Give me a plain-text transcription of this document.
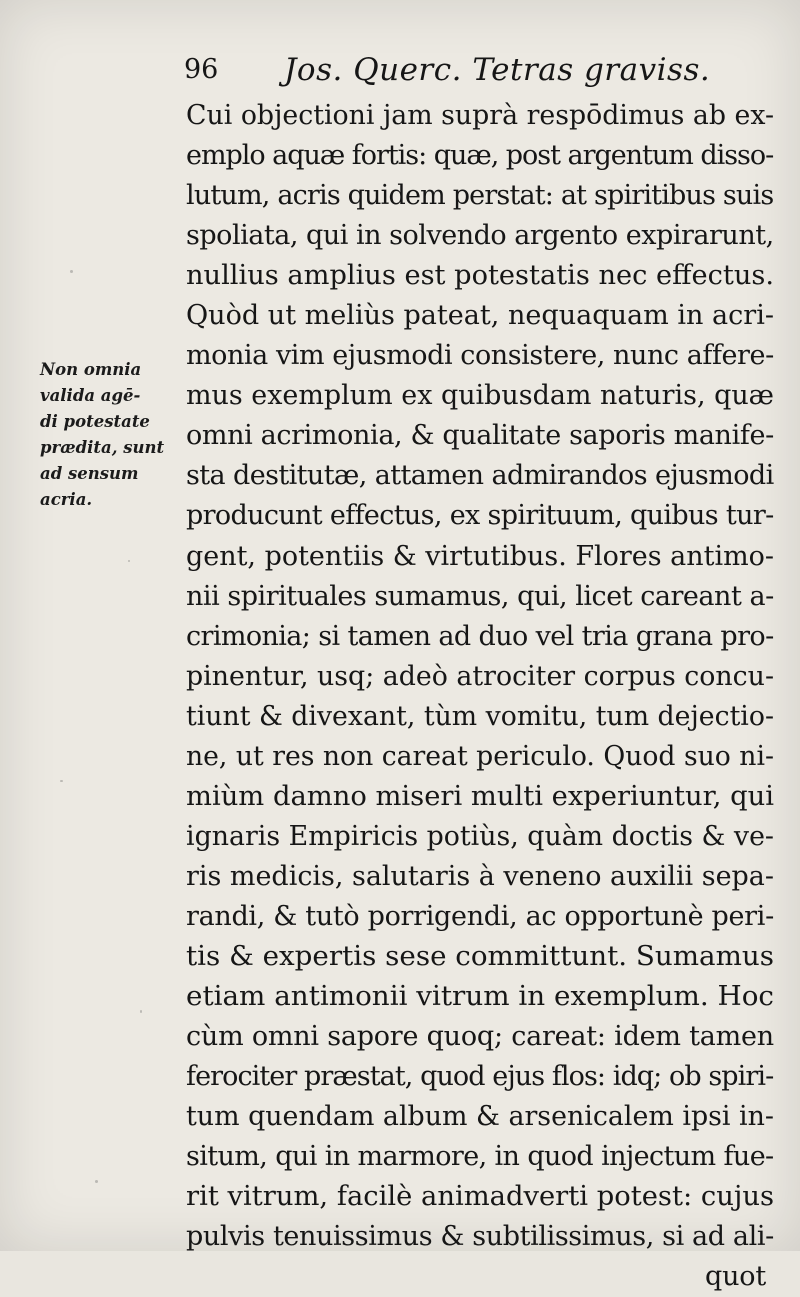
96 Jos. Querc. Tetras graviss.
Non omnia
valida agē-
di potestate
prædita, sunt
ad sensum
acria.
Cui objectioni jam suprà respōdimus ab ex-
emplo aquæ fortis: quæ, post argentum disso-
lutum, acris quidem perstat: at spiritibus suis
spoliata, qui in solvendo argento expirarunt,
nullius amplius est potestatis nec effectus.
Quòd ut meliùs pateat, nequaquam in acri-
monia vim ejusmodi consistere, nunc affere-
mus exemplum ex quibusdam naturis, quæ
omni acrimonia, & qualitate saporis manife-
sta destitutæ, attamen admirandos ejusmodi
producunt effectus, ex spirituum, quibus tur-
gent, potentiis & virtutibus. Flores antimo-
nii spirituales sumamus, qui, licet careant a-
crimonia; si tamen ad duo vel tria grana pro-
pinentur, usq; adeò atrociter corpus concu-
tiunt & divexant, tùm vomitu, tum dejectio-
ne, ut res non careat periculo. Quod suo ni-
miùm damno miseri multi experiuntur, qui
ignaris Empiricis potiùs, quàm doctis & ve-
ris medicis, salutaris à veneno auxilii sepa-
randi, & tutò porrigendi, ac opportunè peri-
tis & expertis sese committunt. Sumamus
etiam antimonii vitrum in exemplum. Hoc
cùm omni sapore quoq; careat: idem tamen
ferociter præstat, quod ejus flos: idq; ob spiri-
tum quendam album & arsenicalem ipsi in-
situm, qui in marmore, in quod injectum fue-
rit vitrum, facilè animadverti potest: cujus
pulvis tenuissimus & subtilissimus, si ad ali-
quot
